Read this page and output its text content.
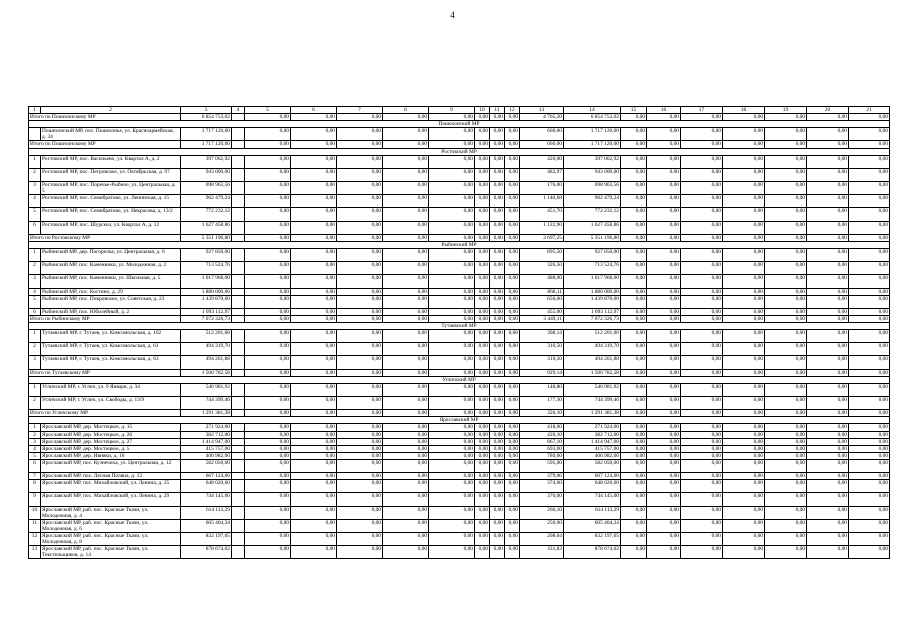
4
1	2	3	4	5	6	7	8	9	10	11	12	13	14	15	16	17	18	19	20	21
Итого по Пошехонскому МР		6 854 753,02		0,00	0,00	0,00	0,00	0,00	0,00	0,00	0,00	4 765,20	6 854 753,02	0,00	0,00	0,00	0,00	0,00	0,00	0,00
Пошехонский МР																				
	Пошехонский МР, пос. Пошехонье, ул. Красноармейская, д. 34	1 717 120,00		0,00	0,00	0,00	0,00	0,00	0,00	0,00	0,00	660,00	1 717 120,00	0,00	0,00	0,00	0,00	0,00	0,00	0,00
Итого по Пошехонскому МР		1 717 120,00		0,00	0,00	0,00	0,00	0,00	0,00	0,00	0,00	660,00	1 717 120,00	0,00	0,00	0,00	0,00	0,00	0,00	0,00
Ростовский МР																				
1	Ростовский МР, пос. Васильево, ул. Квартал А, д. 2	397 062,92		0,00	0,00	0,00	0,00	0,00	0,00	0,00	0,00	420,00	397 062,92	0,00	0,00	0,00	0,00	0,00	0,00	0,00
2	Ростовский МР, пос. Петровское, ул. Октябрьская, д. 97	943 000,00		0,00	0,00	0,00	0,00	0,00	0,00	0,00	0,00	482,97	943 000,00	0,00	0,00	0,00	0,00	0,00	0,00	0,00
3	Ростовский МР, пос. Поречье-Рыбное, ул. Центральная, д. 5	698 963,56		0,00	0,00	0,00	0,00	0,00	0,00	0,00	0,00	176,00	698 963,56	0,00	0,00	0,00	0,00	0,00	0,00	0,00
4	Ростовский МР, пос. Семибратово, ул. Ленинская, д. 15	962 479,24		0,00	0,00	0,00	0,00	0,00	0,00	0,00	0,00	1 140,68	962 479,24	0,00	0,00	0,00	0,00	0,00	0,00	0,00
5	Ростовский МР, пос. Семибратово, ул. Некрасова, д. 13/2	772 232,12		0,00	0,00	0,00	0,00	0,00	0,00	0,00	0,00	451,70	772 232,12	0,00	0,00	0,00	0,00	0,00	0,00	0,00
6	Ростовский МР, пос. Шурскол, ул. Квартал А, д. 12	1 627 458,86		0,00	0,00	0,00	0,00	0,00	0,00	0,00	0,00	1 122,90	1 627 458,86	0,00	0,00	0,00	0,00	0,00	0,00	0,00
Итого по Ростовскому МР		5 351 196,80		0,00	0,00	0,00	0,00	0,00	0,00	0,00	0,00	3 697,25	5 351 196,80	0,00	0,00	0,00	0,00	0,00	0,00	0,00
Рыбинский МР																				
1	Рыбинский МР, дер. Погорелка, ул. Центральная, д. 6	927 850,00		0,00	0,00	0,00	0,00	0,00	0,00	0,00	0,00	895,50	927 850,00	0,00	0,00	0,00	0,00	0,00	0,00	0,00
2	Рыбинский МР, пос. Каменники, ул. Молодежная, д. 2	713 524,76		0,00	0,00	0,00	0,00	0,00	0,00	0,00	0,00	326,50	713 524,76	0,00	0,00	0,00	0,00	0,00	0,00	0,00
3	Рыбинский МР, пос. Каменники, ул. Школьная, д. 5	1 017 968,00		0,00	0,00	0,00	0,00	0,00	0,00	0,00	0,00	488,00	1 017 968,00	0,00	0,00	0,00	0,00	0,00	0,00	0,00
4	Рыбинский МР, пос. Костино, д. 29	1 880 000,00		0,00	0,00	0,00	0,00	0,00	0,00	0,00	0,00	868,11	1 880 000,00	0,00	0,00	0,00	0,00	0,00	0,00	0,00
5	Рыбинский МР, пос. Покровское, ул. Советская, д. 23	1 439 870,00		0,00	0,00	0,00	0,00	0,00	0,00	0,00	0,00	656,00	1 439 870,00	0,00	0,00	0,00	0,00	0,00	0,00	0,00
6	Рыбинский МР, пос. Юбилейный, д. 2	1 093 112,97		0,00	0,00	0,00	0,00	0,00	0,00	0,00	0,00	455,00	1 093 112,97	0,00	0,00	0,00	0,00	0,00	0,00	0,00
Итого по Рыбинскому МР		7 072 326,73		0,00	0,00	0,00	0,00	0,00	0,00	0,00	0,00	3 449,11	7 072 326,73	0,00	0,00	0,00	0,00	0,00	0,00	0,00
Тутаевский МР																				
1	Тутаевский МР, г. Тутаев, ул. Комсомольская, д. 102	512 201,00		0,00	0,00	0,00	0,00	0,00	0,00	0,00	0,00	308,14	512 201,00	0,00	0,00	0,00	0,00	0,00	0,00	0,00
2	Тутаевский МР, г. Тутаев, ул. Комсомольская, д. 61	494 319,70		0,00	0,00	0,00	0,00	0,00	0,00	0,00	0,00	310,50	494 319,70	0,00	0,00	0,00	0,00	0,00	0,00	0,00
3	Тутаевский МР, г. Тутаев, ул. Комсомольская, д. 63	494 261,88		0,00	0,00	0,00	0,00	0,00	0,00	0,00	0,00	310,50	494 261,88	0,00	0,00	0,00	0,00	0,00	0,00	0,00
Итого по Тутаевскому МР		1 500 782,58		0,00	0,00	0,00	0,00	0,00	0,00	0,00	0,00	929,14	1 500 782,58	0,00	0,00	0,00	0,00	0,00	0,00	0,00
Угличский МР																				
1	Угличский МР, г. Углич, ул. 9 Января, д. 34	546 981,92		0,00	0,00	0,00	0,00	0,00	0,00	0,00	0,00	148,80	546 981,92	0,00	0,00	0,00	0,00	0,00	0,00	0,00
2	Угличский МР, г. Углич, ул. Свободы, д. 13/9	744 399,46		0,00	0,00	0,00	0,00	0,00	0,00	0,00	0,00	177,30	744 399,46	0,00	0,00	0,00	0,00	0,00	0,00	0,00
Итого по Угличскому МР		1 291 381,38		0,00	0,00	0,00	0,00	0,00	0,00	0,00	0,00	326,10	1 291 381,38	0,00	0,00	0,00	0,00	0,00	0,00	0,00
Ярославский МР																				
1	Ярославский МР, дер. Мостецкое, д. 15	271 924,00		0,00	0,00	0,00	0,00	0,00	0,00	0,00	0,00	418,00	271 924,00	0,00	0,00	0,00	0,00	0,00	0,00	0,00
2	Ярославский МР, дер. Мостецкое, д. 26	382 712,00		0,00	0,00	0,00	0,00	0,00	0,00	0,00	0,00	420,10	382 712,00	0,00	0,00	0,00	0,00	0,00	0,00	0,00
3	Ярославский МР, дер. Мостецкое, д. 27	1 414 947,00		0,00	0,00	0,00	0,00	0,00	0,00	0,00	0,00	867,10	1 414 947,00	0,00	0,00	0,00	0,00	0,00	0,00	0,00
4	Ярославский МР, дер. Мостецкое, д. 5	415 757,00		0,00	0,00	0,00	0,00	0,00	0,00	0,00	0,00	693,00	415 757,00	0,00	0,00	0,00	0,00	0,00	0,00	0,00
5	Ярославский МР, дер. Ивняки, д. 16	406 982,00		0,00	0,00	0,00	0,00	0,00	0,00	0,00	0,00	780,00	406 982,00	0,00	0,00	0,00	0,00	0,00	0,00	0,00
6	Ярославский МР, пос. Кузнечиха, ул. Центральная, д. 12	582 050,00		0,00	0,00	0,00	0,00	0,00	0,00	0,00	0,00	595,00	582 050,00	0,00	0,00	0,00	0,00	0,00	0,00	0,00
7	Ярославский МР, пос. Лесная Поляна, д. 13	667 124,00		0,00	0,00	0,00	0,00	0,00	0,00	0,00	0,00	379,00	667 124,00	0,00	0,00	0,00	0,00	0,00	0,00	0,00
8	Ярославский МР, пос. Михайловский, ул. Ленина, д. 25	648 020,60		0,00	0,00	0,00	0,00	0,00	0,00	0,00	0,00	374,00	648 020,60	0,00	0,00	0,00	0,00	0,00	0,00	0,00
9	Ярославский МР, пос. Михайловский, ул. Ленина, д. 29	744 145,00		0,00	0,00	0,00	0,00	0,00	0,00	0,00	0,00	370,00	744 145,00	0,00	0,00	0,00	0,00	0,00	0,00	0,00
10	Ярославский МР, раб. пос. Красные Ткачи, ул. Молодежная, д. 4	614 113,29		0,00	0,00	0,00	0,00	0,00	0,00	0,00	0,00	266,10	614 113,29	0,00	0,00	0,00	0,00	0,00	0,00	0,00
11	Ярославский МР, раб. пос. Красные Ткачи, ул. Молодежная, д. 6	605 404,34		0,00	0,00	0,00	0,00	0,00	0,00	0,00	0,00	250,00	605 404,34	0,00	0,00	0,00	0,00	0,00	0,00	0,00
12	Ярославский МР, раб. пос. Красные Ткачи, ул. Молодежная, д. 8	832 197,05		0,00	0,00	0,00	0,00	0,00	0,00	0,00	0,00	208,64	832 197,05	0,00	0,00	0,00	0,00	0,00	0,00	0,00
13	Ярославский МР, раб. пос. Красные Ткачи, ул. Текстильщиков, д. 14	878 674,02		0,00	0,00	0,00	0,00	0,00	0,00	0,00	0,00	331,83	878 674,02	0,00	0,00	0,00	0,00	0,00	0,00	0,00
